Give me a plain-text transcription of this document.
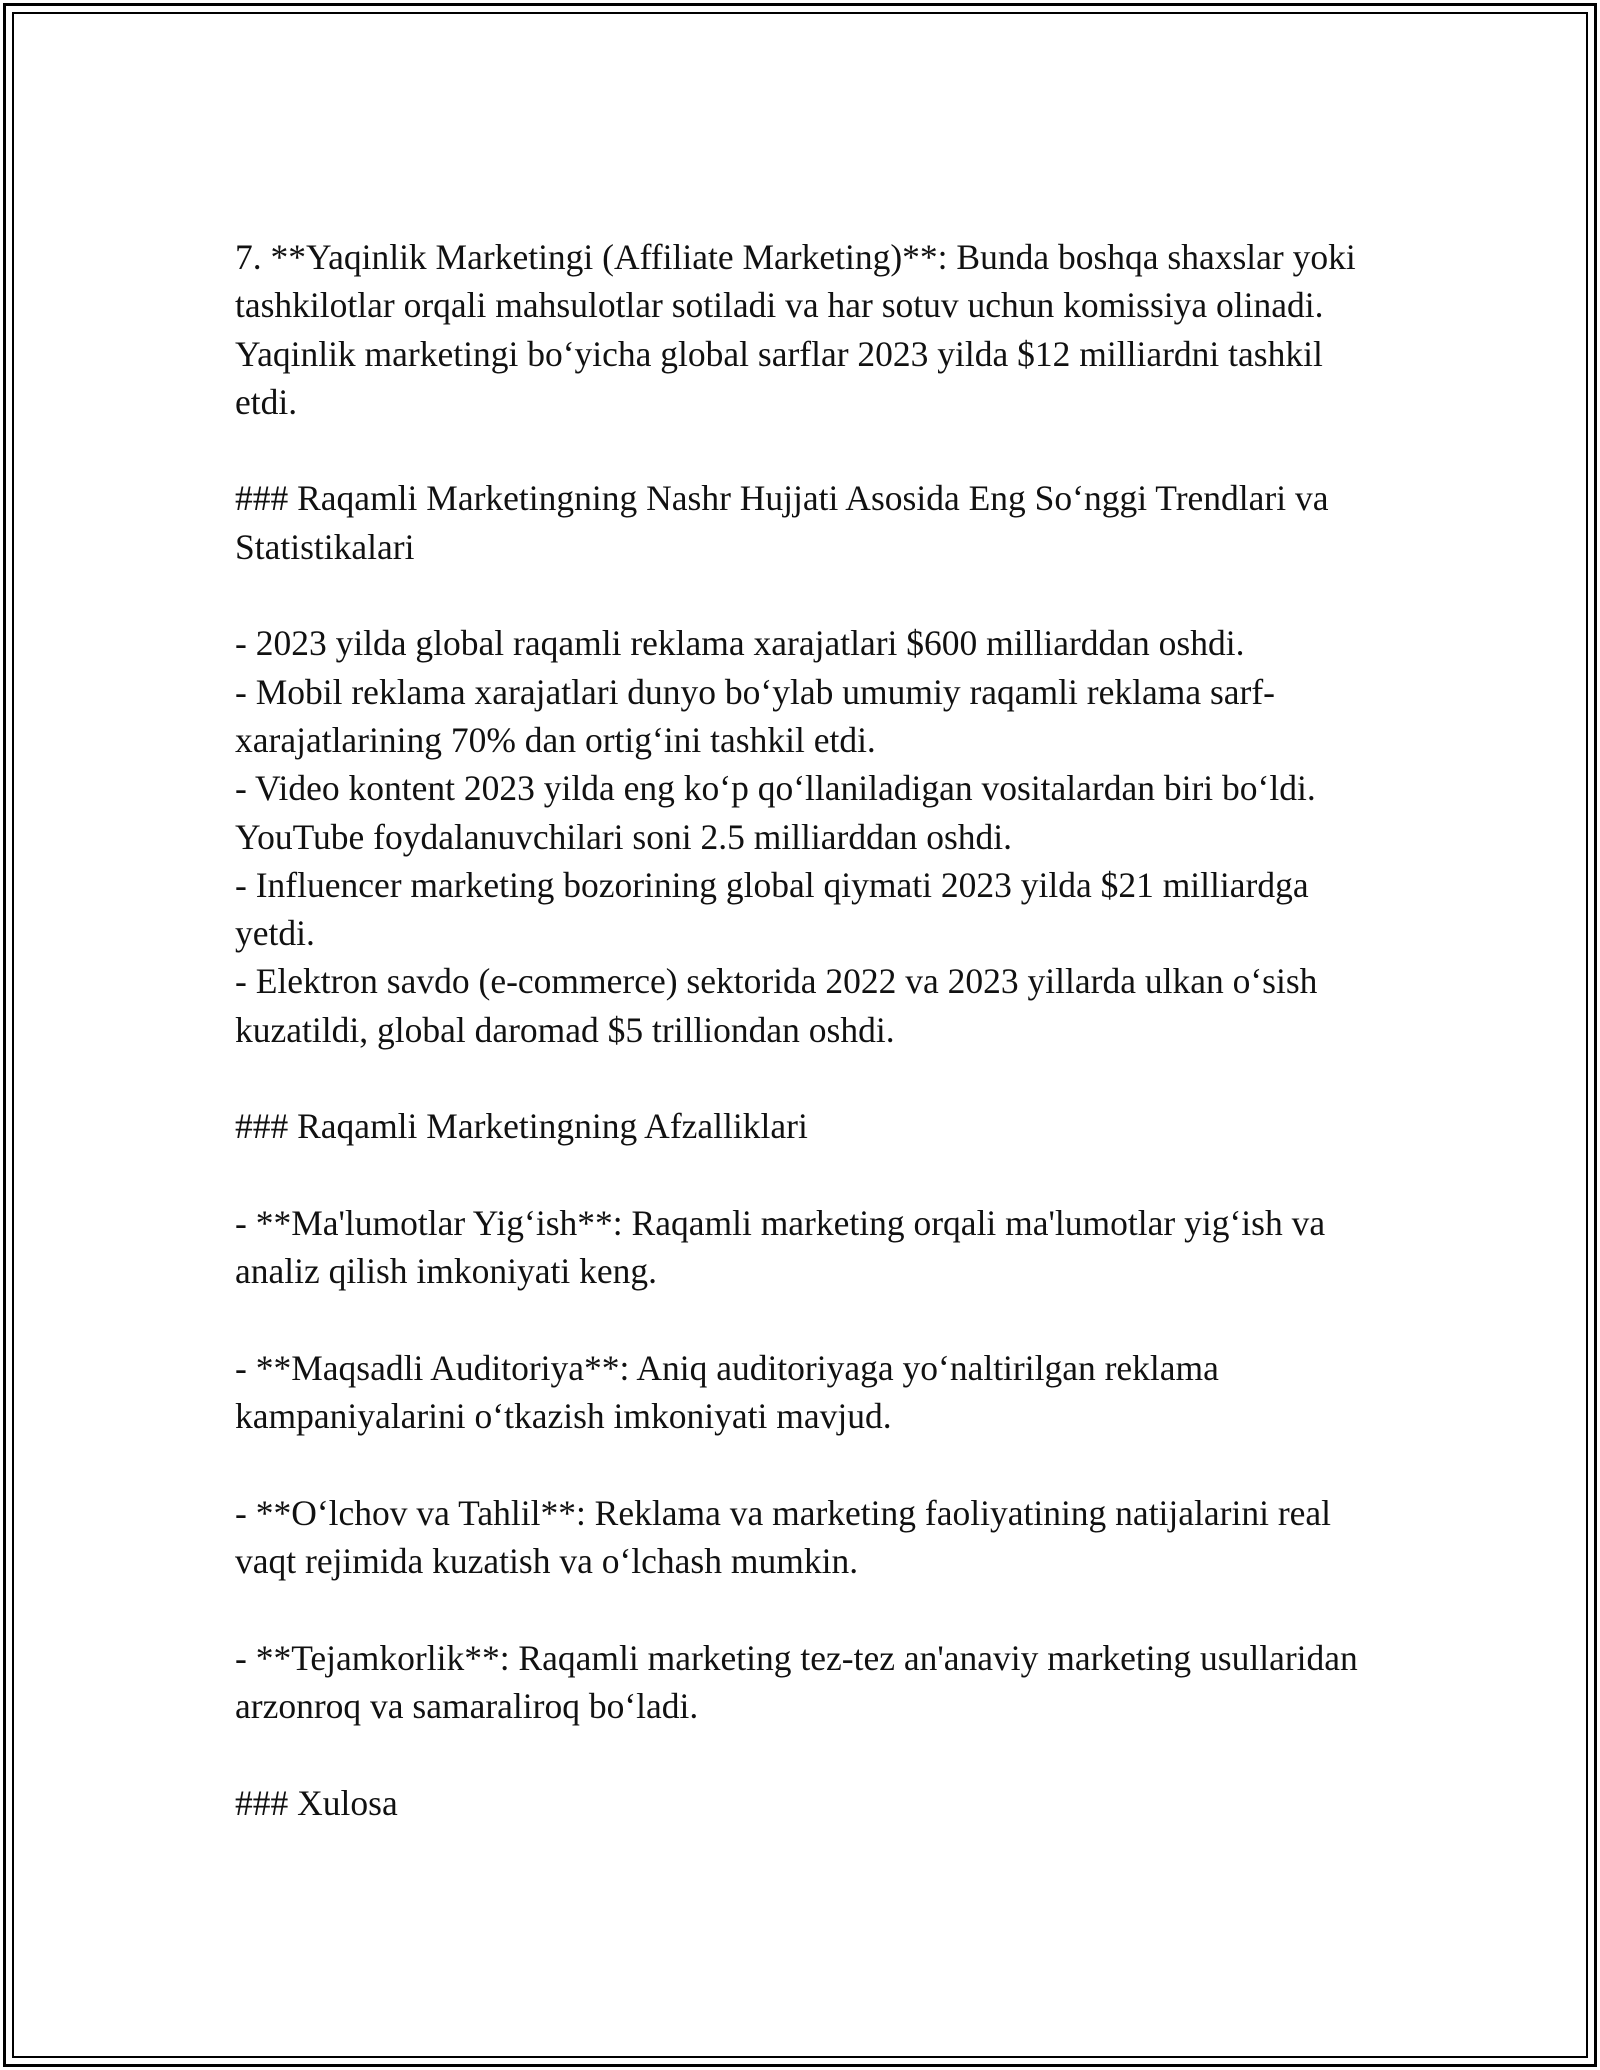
7. **Yaqinlik Marketingi (Affiliate Marketing)**: Bunda boshqa shaxslar yoki tashkilotlar orqali mahsulotlar sotiladi va har sotuv uchun komissiya olinadi. Yaqinlik marketingi bo‘yicha global sarflar 2023 yilda $12 milliardni tashkil etdi.

### Raqamli Marketingning Nashr Hujjati Asosida Eng So‘nggi Trendlari va Statistikalari

- 2023 yilda global raqamli reklama xarajatlari $600 milliarddan oshdi.

- Mobil reklama xarajatlari dunyo bo‘ylab umumiy raqamli reklama sarf-xarajatlarining 70% dan ortig‘ini tashkil etdi.

- Video kontent 2023 yilda eng ko‘p qo‘llaniladigan vositalardan biri bo‘ldi. YouTube foydalanuvchilari soni 2.5 milliarddan oshdi.

- Influencer marketing bozorining global qiymati 2023 yilda $21 milliardga yetdi.

- Elektron savdo (e-commerce) sektorida 2022 va 2023 yillarda ulkan o‘sish kuzatildi, global daromad $5 trilliondan oshdi.

### Raqamli Marketingning Afzalliklari

- **Ma'lumotlar Yig‘ish**: Raqamli marketing orqali ma'lumotlar yig‘ish va analiz qilish imkoniyati keng.

- **Maqsadli Auditoriya**: Aniq auditoriyaga yo‘naltirilgan reklama kampaniyalarini o‘tkazish imkoniyati mavjud.

- **O‘lchov va Tahlil**: Reklama va marketing faoliyatining natijalarini real vaqt rejimida kuzatish va o‘lchash mumkin.

- **Tejamkorlik**: Raqamli marketing tez-tez an'anaviy marketing usullaridan arzonroq va samaraliroq bo‘ladi.

### Xulosa
